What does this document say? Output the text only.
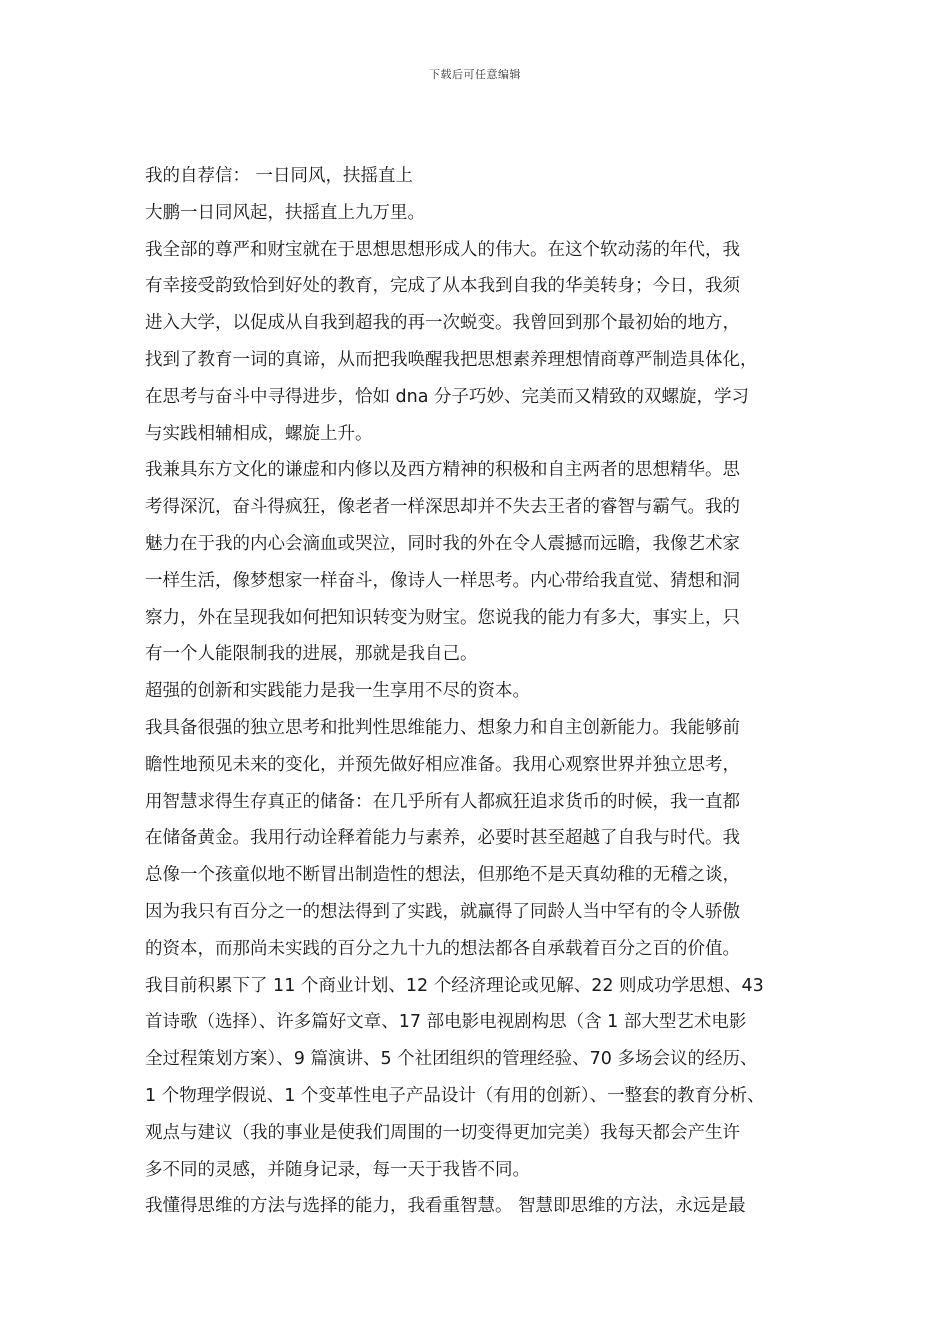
下载后可任意编辑
我的自荐信： 一日同风，扶摇直上
大鹏一日同风起，扶摇直上九万里。
我全部的尊严和财宝就在于思想思想形成人的伟大。在这个软动荡的年代，我
有幸接受韵致恰到好处的教育，完成了从本我到自我的华美转身；今日，我须
进入大学，以促成从自我到超我的再一次蜕变。我曾回到那个最初始的地方，
找到了教育一词的真谛，从而把我唤醒我把思想素养理想情商尊严制造具体化，
在思考与奋斗中寻得进步，恰如 dna 分子巧妙、完美而又精致的双螺旋，学习
与实践相辅相成，螺旋上升。
我兼具东方文化的谦虚和内修以及西方精神的积极和自主两者的思想精华。思
考得深沉，奋斗得疯狂，像老者一样深思却并不失去王者的睿智与霸气。我的
魅力在于我的内心会滴血或哭泣，同时我的外在令人震撼而远瞻，我像艺术家
一样生活，像梦想家一样奋斗，像诗人一样思考。内心带给我直觉、猜想和洞
察力，外在呈现我如何把知识转变为财宝。您说我的能力有多大，事实上，只
有一个人能限制我的进展，那就是我自己。
超强的创新和实践能力是我一生享用不尽的资本。
我具备很强的独立思考和批判性思维能力、想象力和自主创新能力。我能够前
瞻性地预见未来的变化，并预先做好相应准备。我用心观察世界并独立思考，
用智慧求得生存真正的储备：在几乎所有人都疯狂追求货币的时候，我一直都
在储备黄金。我用行动诠释着能力与素养，必要时甚至超越了自我与时代。我
总像一个孩童似地不断冒出制造性的想法，但那绝不是天真幼稚的无稽之谈，
因为我只有百分之一的想法得到了实践，就赢得了同龄人当中罕有的令人骄傲
的资本，而那尚未实践的百分之九十九的想法都各自承载着百分之百的价值。
我目前积累下了 11 个商业计划、12 个经济理论或见解、22 则成功学思想、43
首诗歌（选择）、许多篇好文章、17 部电影电视剧构思（含 1 部大型艺术电影
全过程策划方案）、9 篇演讲、5 个社团组织的管理经验、70 多场会议的经历、
1 个物理学假说、1 个变革性电子产品设计（有用的创新）、一整套的教育分析、
观点与建议（我的事业是使我们周围的一切变得更加完美）我每天都会产生许
多不同的灵感，并随身记录，每一天于我皆不同。
我懂得思维的方法与选择的能力，我看重智慧。 智慧即思维的方法，永远是最
